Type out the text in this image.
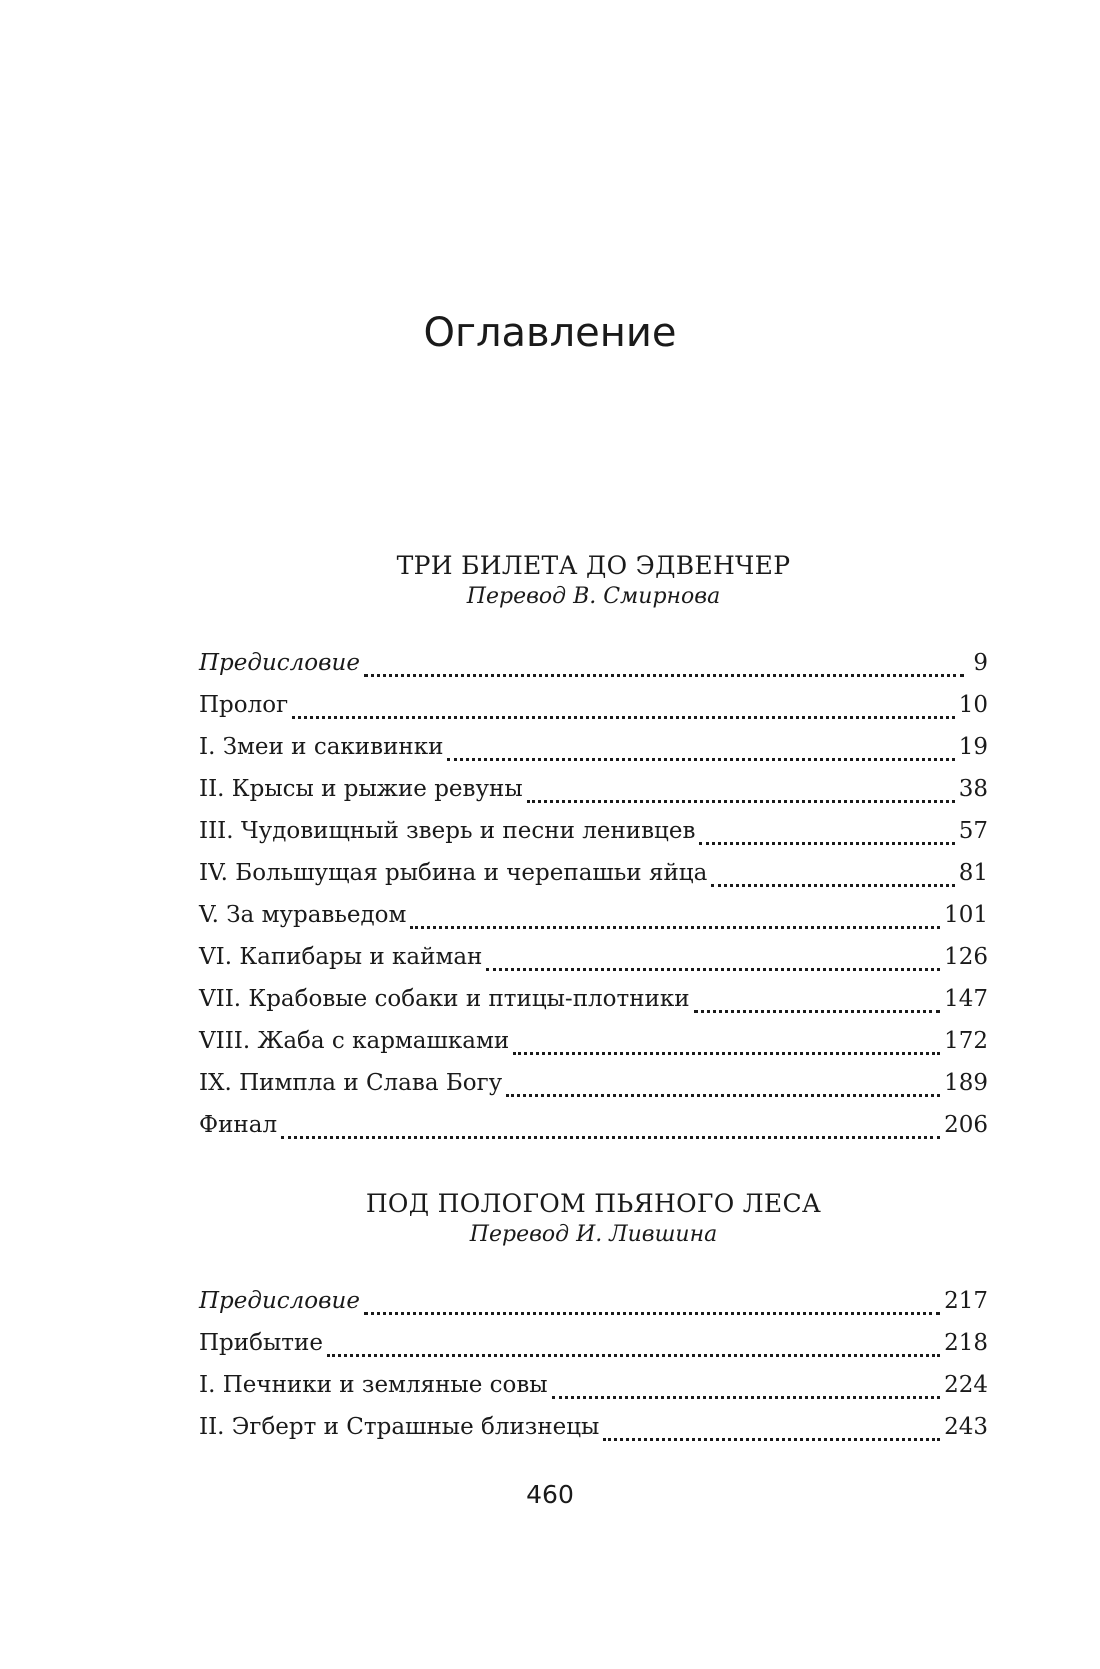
Оглавление

ТРИ БИЛЕТА ДО ЭДВЕНЧЕР

Перевод В. Смирнова

Предисловие	9
Пролог	10
I. Змеи и сакивинки	19
II. Крысы и рыжие ревуны	38
III. Чудовищный зверь и песни ленивцев	57
IV. Большущая рыбина и черепашьи яйца	81
V. За муравьедом	101
VI. Капибары и кайман	126
VII. Крабовые собаки и птицы-плотники	147
VIII. Жаба с кармашками	172
IX. Пимпла и Слава Богу	189
Финал	206

ПОД ПОЛОГОМ ПЬЯНОГО ЛЕСА

Перевод И. Лившина

Предисловие	217
Прибытие	218
I. Печники и земляные совы	224
II. Эгберт и Страшные близнецы	243
460
